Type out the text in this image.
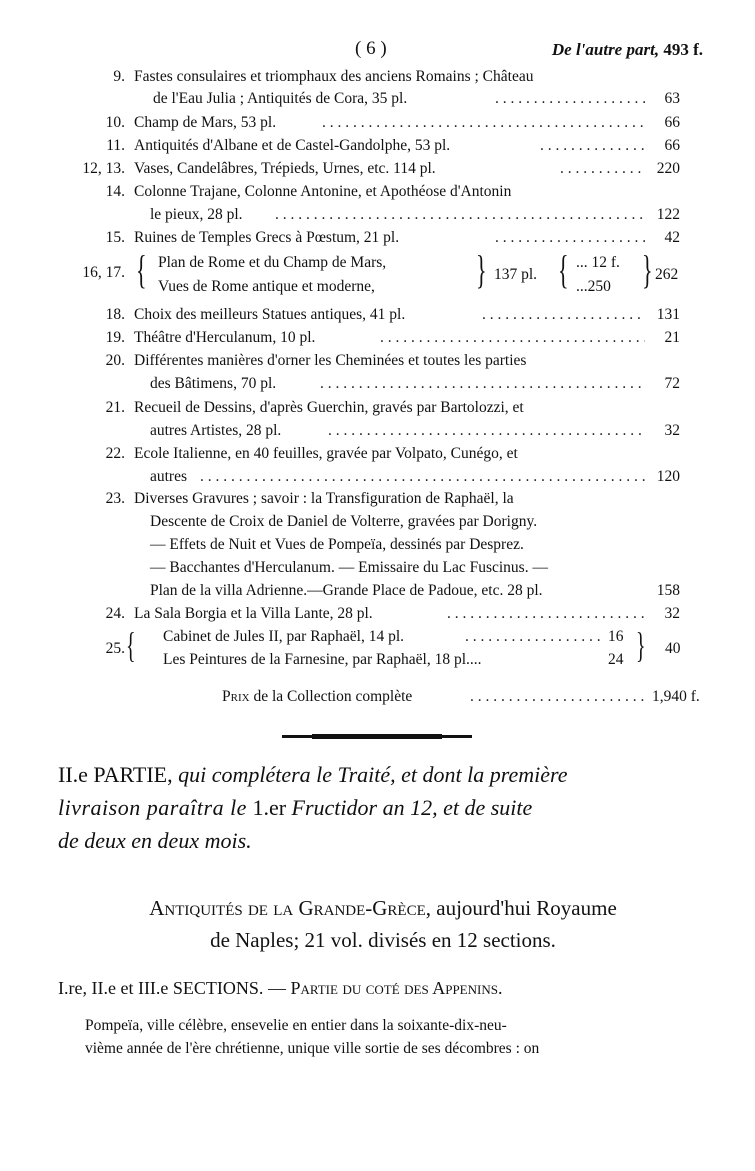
( 6 )	De l'autre part, 493 f.
9. Fastes consulaires et triomphaux des anciens Romains ; Château
de l'Eau Julia ; Antiquités de Cora, 35 pl. . . .	63
10. Champ de Mars, 53 pl. . . .	66
11. Antiquités d'Albane et de Castel-Gandolphe, 53 pl. . . .	66
12, 13. Vases, Candelâbres, Trépieds, Urnes, etc. 114 pl. . . .	220
14. Colonne Trajane, Colonne Antonine, et Apothéose d'Antonin
le pieux, 28 pl. . . .	122
15. Ruines de Temples Grecs à Pœstum, 21 pl. . . .	42
16, 17. { Plan de Rome et du Champ de Mars,
Vues de Rome antique et moderne,	} 137 pl. { ... 12 f.
...250 } 262
18. Choix des meilleurs Statues antiques, 41 pl. . . .	131
19. Théâtre d'Herculanum, 10 pl. . . .	21
20. Différentes manières d'orner les Cheminées et toutes les parties
des Bâtimens, 70 pl. . . .	72
21. Recueil de Dessins, d'après Guerchin, gravés par Bartolozzi, et
autres Artistes, 28 pl. . . .	32
22. Ecole Italienne, en 40 feuilles, gravée par Volpato, Cunégo, et
autres . . .	120
23. Diverses Gravures ; savoir : la Transfiguration de Raphaël, la
Descente de Croix de Daniel de Volterre, gravées par Dorigny.
— Effets de Nuit et Vues de Pompeïa, dessinés par Desprez.
— Bacchantes d'Herculanum. — Emissaire du Lac Fuscinus. —
Plan de la villa Adrienne.—Grande Place de Padoue, etc. 28 pl.	158
24. La Sala Borgia et la Villa Lante, 28 pl. . . .	32
25. { Cabinet de Jules II, par Raphaël, 14 pl. . . .	16
Les Peintures de la Farnesine, par Raphaël, 18 pl....	24 } 40
Prix de la Collection complète . . .	1,940 f.
II.e PARTIE, qui complétera le Traité, et dont la première
livraison paraîtra le 1.er Fructidor an 12, et de suite
de deux en deux mois.
Antiquités de la Grande-Grèce, aujourd'hui Royaume
de Naples; 21 vol. divisés en 12 sections.
I.re, II.e et III.e SECTIONS. — Partie du coté des Appenins.
Pompeïa, ville célèbre, ensevelie en entier dans la soixante-dix-neu-
vième année de l'ère chrétienne, unique ville sortie de ses décombres : on
